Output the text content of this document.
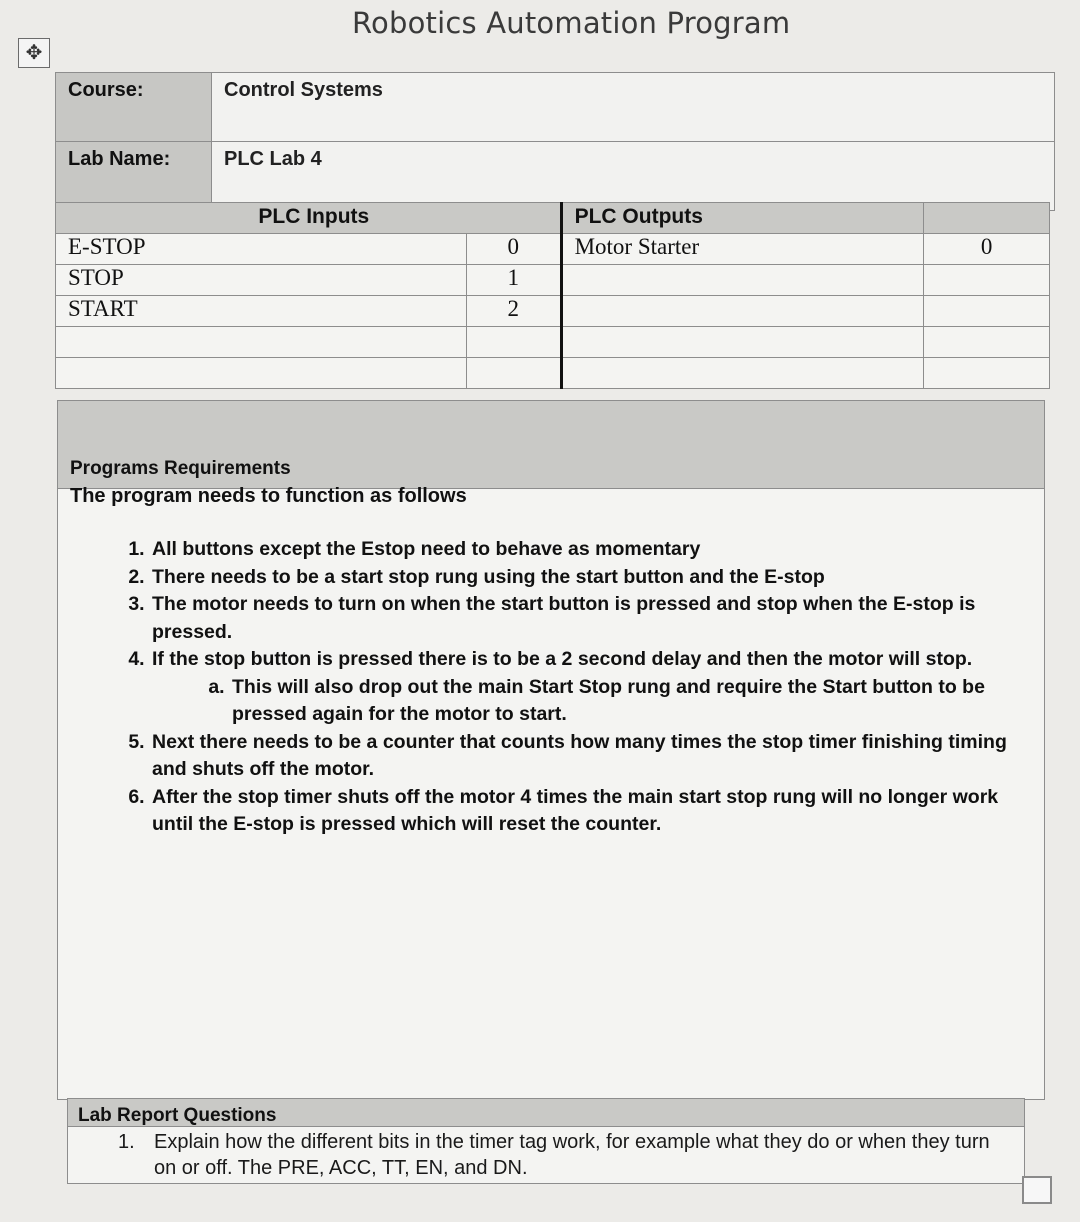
Robotics Automation Program
✥
Course:	Control Systems
Lab Name:	PLC Lab 4
PLC Inputs		PLC Outputs	
E-STOP	0	Motor Starter	0
STOP	1		
START	2		

Programs Requirements
The program needs to function as follows
1. All buttons except the Estop need to behave as momentary
2. There needs to be a start stop rung using the start button and the E-stop
3. The motor needs to turn on when the start button is pressed and stop when the E-stop is pressed.
4. If the stop button is pressed there is to be a 2 second delay and then the motor will stop.
a. This will also drop out the main Start Stop rung and require the Start button to be pressed again for the motor to start.
5. Next there needs to be a counter that counts how many times the stop timer finishing timing and shuts off the motor.
6. After the stop timer shuts off the motor 4 times the main start stop rung will no longer work until the E-stop is pressed which will reset the counter.
Lab Report Questions
1. Explain how the different bits in the timer tag work, for example what they do or when they turn on or off. The PRE, ACC, TT, EN, and DN.
